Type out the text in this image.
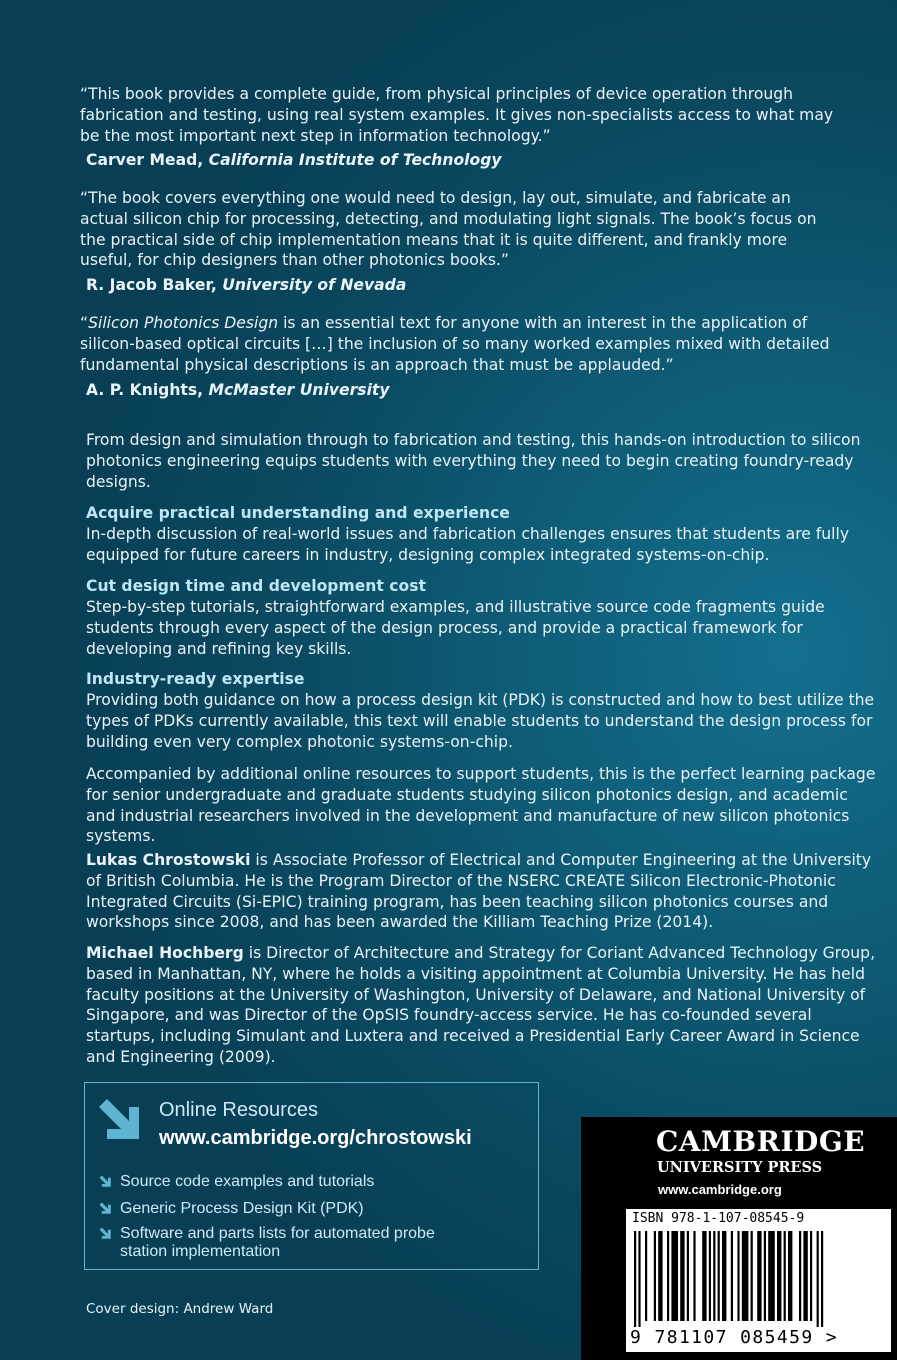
“This book provides a complete guide, from physical principles of device operation through fabrication and testing, using real system examples. It gives non-specialists access to what may be the most important next step in information technology.”

Carver Mead, California Institute of Technology

“The book covers everything one would need to design, lay out, simulate, and fabricate an actual silicon chip for processing, detecting, and modulating light signals. The book’s focus on the practical side of chip implementation means that it is quite different, and frankly more useful, for chip designers than other photonics books.”

R. Jacob Baker, University of Nevada

“Silicon Photonics Design is an essential text for anyone with an interest in the application of silicon-based optical circuits […] the inclusion of so many worked examples mixed with detailed fundamental physical descriptions is an approach that must be applauded.”

A. P. Knights, McMaster University

From design and simulation through to fabrication and testing, this hands-on introduction to silicon photonics engineering equips students with everything they need to begin creating foundry-ready designs.

Acquire practical understanding and experience

In-depth discussion of real-world issues and fabrication challenges ensures that students are fully equipped for future careers in industry, designing complex integrated systems-on-chip.

Cut design time and development cost

Step-by-step tutorials, straightforward examples, and illustrative source code fragments guide students through every aspect of the design process, and provide a practical framework for developing and refining key skills.

Industry-ready expertise

Providing both guidance on how a process design kit (PDK) is constructed and how to best utilize the types of PDKs currently available, this text will enable students to understand the design process for building even very complex photonic systems-on-chip.

Accompanied by additional online resources to support students, this is the perfect learning package for senior undergraduate and graduate students studying silicon photonics design, and academic and industrial researchers involved in the development and manufacture of new silicon photonics systems.

Lukas Chrostowski is Associate Professor of Electrical and Computer Engineering at the University of British Columbia. He is the Program Director of the NSERC CREATE Silicon Electronic-Photonic Integrated Circuits (Si-EPIC) training program, has been teaching silicon photonics courses and workshops since 2008, and has been awarded the Killiam Teaching Prize (2014).

Michael Hochberg is Director of Architecture and Strategy for Coriant Advanced Technology Group, based in Manhattan, NY, where he holds a visiting appointment at Columbia University. He has held faculty positions at the University of Washington, University of Delaware, and National University of Singapore, and was Director of the OpSIS foundry-access service. He has co-founded several startups, including Simulant and Luxtera and received a Presidential Early Career Award in Science and Engineering (2009).

Online Resources
www.cambridge.org/chrostowski
Source code examples and tutorials
Generic Process Design Kit (PDK)
Software and parts lists for automated probe station implementation
Cover design: Andrew Ward
CAMBRIDGE
UNIVERSITY PRESS
www.cambridge.org
ISBN 978-1-107-08545-9
9 781107 085459 >
